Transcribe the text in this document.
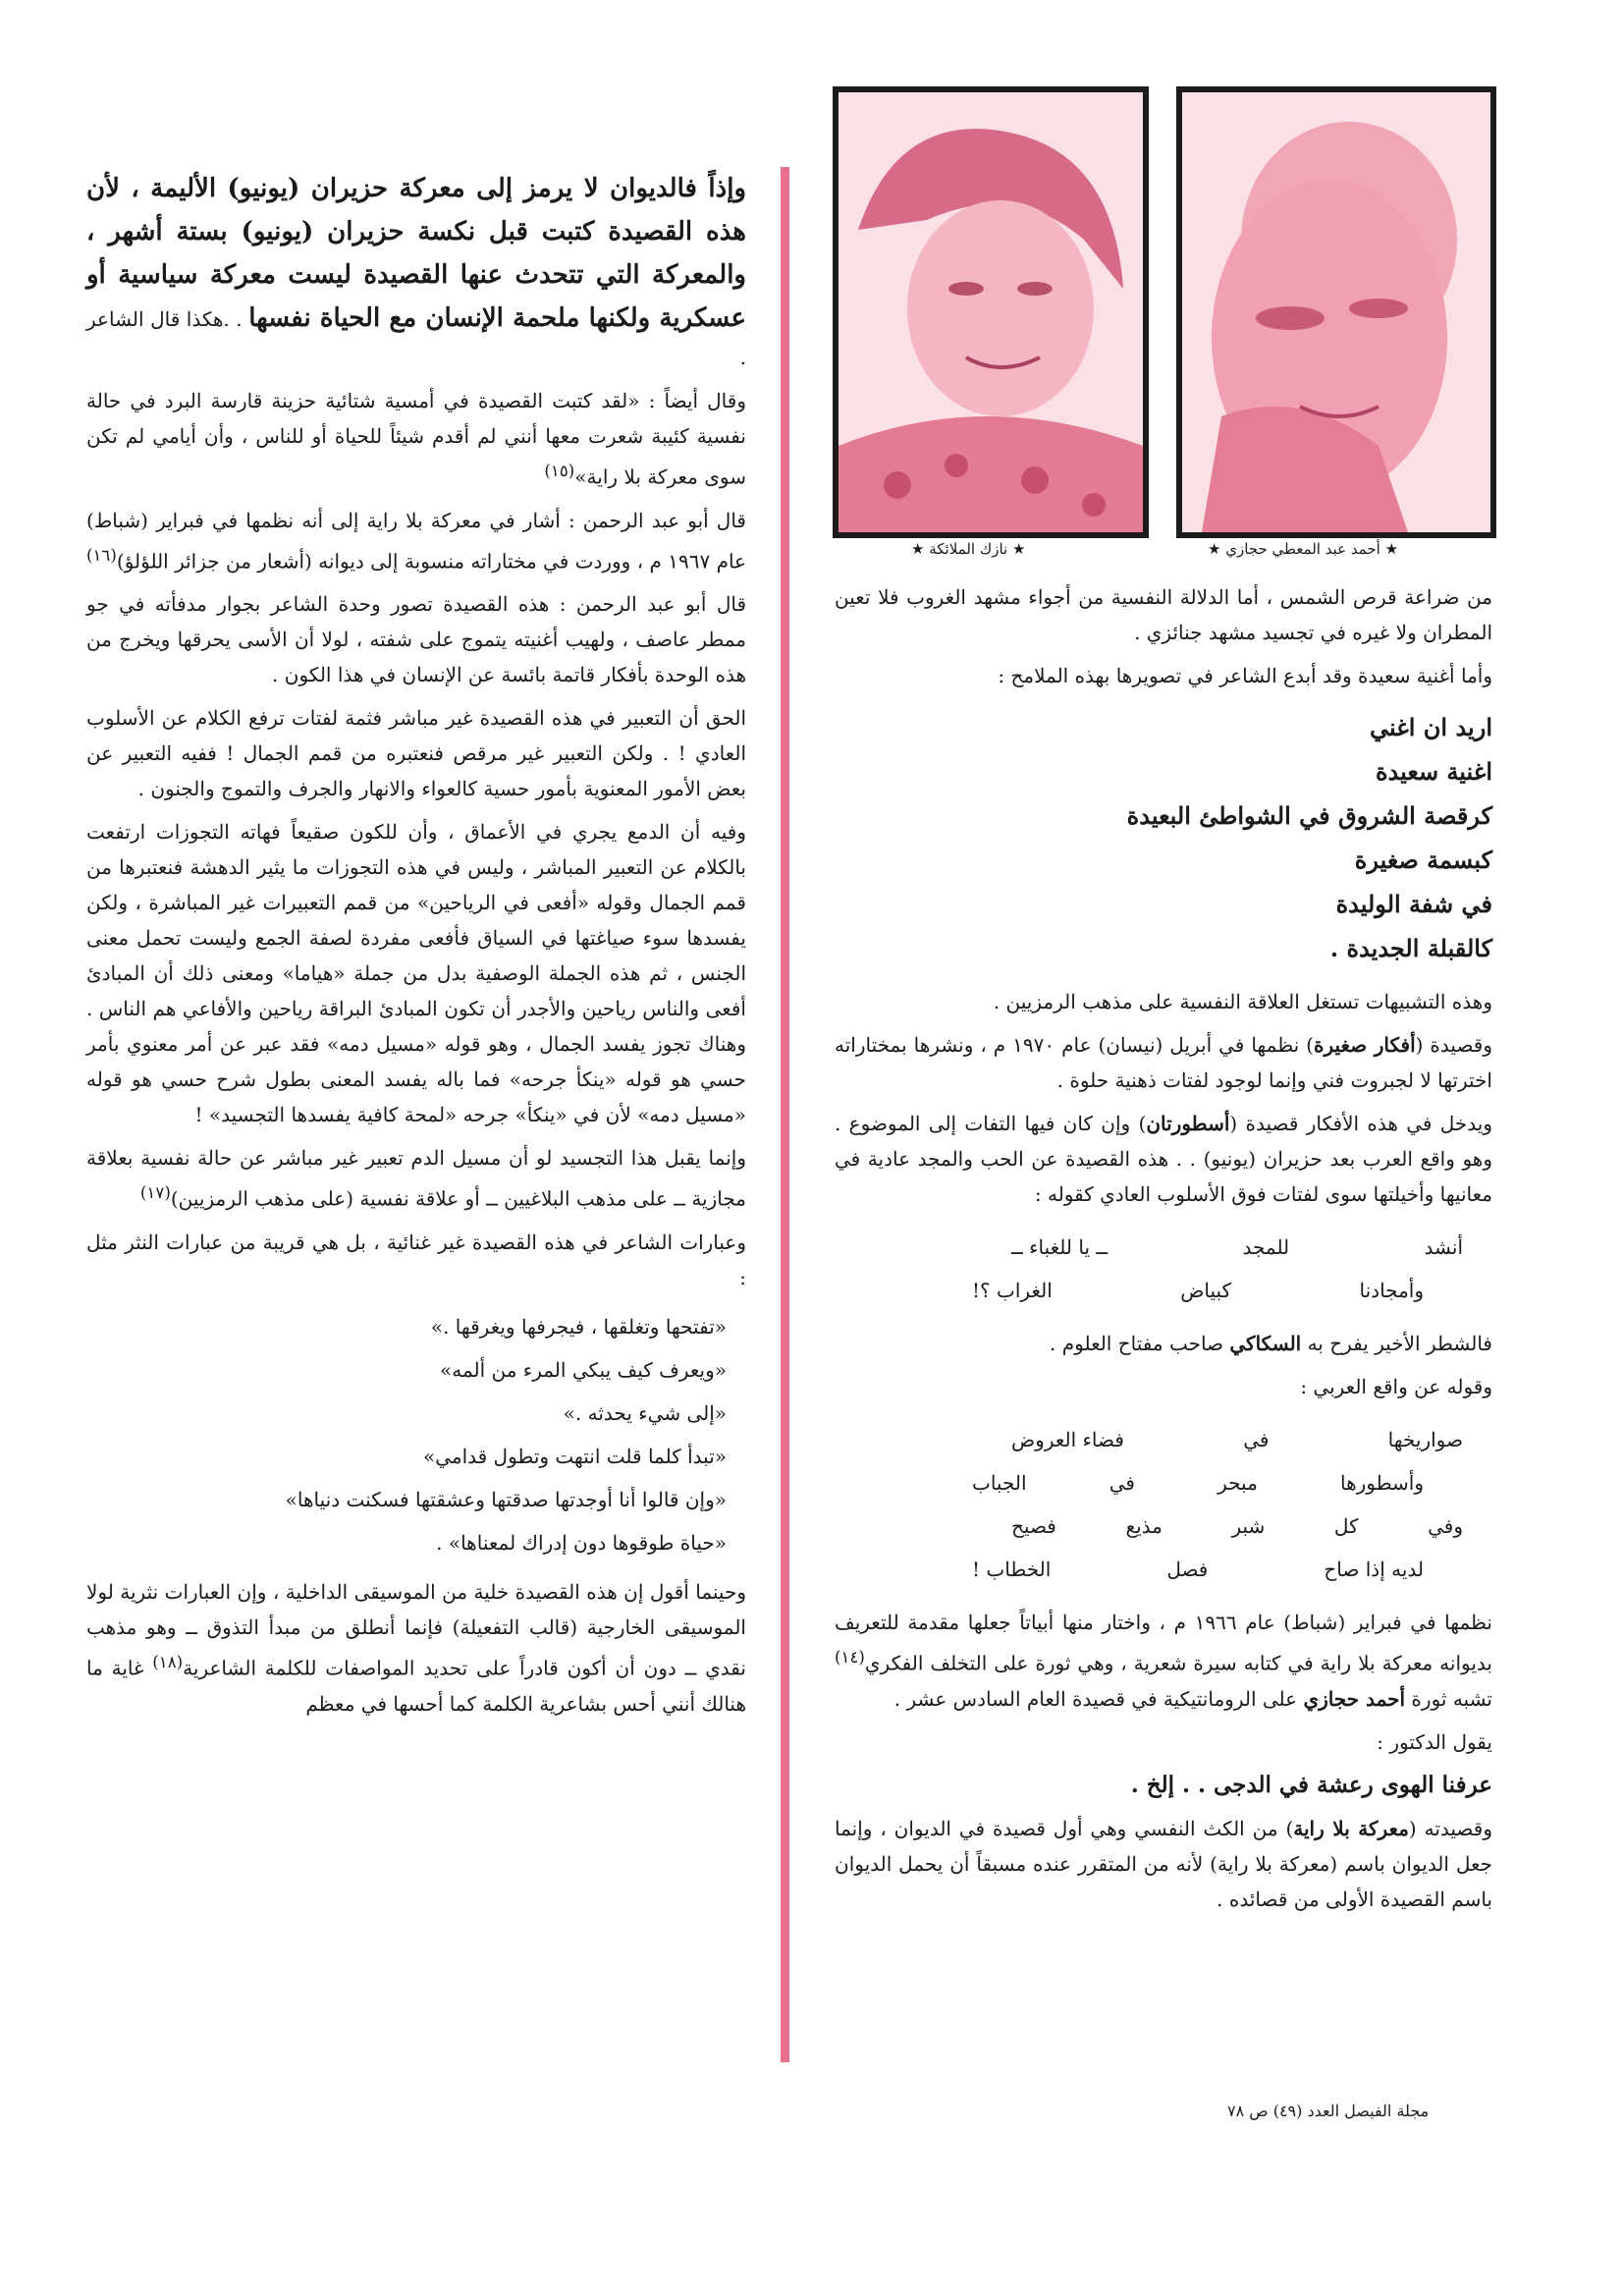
★ أحمد عبد المعطي حجازي ★
★ نازك الملائكة ★

من ضراعة قرص الشمس ، أما الدلالة النفسية من أجواء مشهد الغروب فلا تعين المطران ولا غيره في تجسيد مشهد جنائزي .

وأما أغنية سعيدة وقد أبدع الشاعر في تصويرها بهذه الملامح :

اريد ان اغني
اغنية سعيدة
كرقصة الشروق في الشواطئ البعيدة
كبسمة صغيرة
في شفة الوليدة
كالقبلة الجديدة .

وهذه التشبيهات تستغل العلاقة النفسية على مذهب الرمزيين .

وقصيدة (أفكار صغيرة) نظمها في أبريل (نيسان) عام ١٩٧٠ م ، ونشرها بمختاراته اخترتها لا لجبروت فني وإنما لوجود لفتات ذهنية حلوة .

ويدخل في هذه الأفكار قصيدة (أسطورتان) وإن كان فيها التفات إلى الموضوع . وهو واقع العرب بعد حزيران (يونيو) . . هذه القصيدة عن الحب والمجد عادية في معانيها وأخيلتها سوى لفتات فوق الأسلوب العادي كقوله :

أنشد
للمجد
ــ يا للغباء ــ
وأمجادنا
كبياض
الغراب ؟!

فالشطر الأخير يفرح به السكاكي صاحب مفتاح العلوم .

وقوله عن واقع العربي :

صواريخها
في
فضاء العروض
وأسطورها
مبحر
في
الجباب
وفي
كل
شبر
مذيع
فصيح
لديه إذا صاح
فصل
الخطاب !

نظمها في فبراير (شباط) عام ١٩٦٦ م ، واختار منها أبياتاً جعلها مقدمة للتعريف بديوانه معركة بلا راية في كتابه سيرة شعرية ، وهي ثورة على التخلف الفكري$^{(١٤)}$ تشبه ثورة أحمد حجازي على الرومانتيكية في قصيدة العام السادس عشر .

يقول الدكتور :

عرفنا الهوى رعشة في الدجى . . إلخ .

وقصيدته (معركة بلا راية) من الكث النفسي وهي أول قصيدة في الديوان ، وإنما جعل الديوان باسم (معركة بلا راية) لأنه من المتقرر عنده مسبقاً أن يحمل الديوان باسم القصيدة الأولى من قصائده .

وإذاً فالديوان لا يرمز إلى معركة حزيران (يونيو) الأليمة ، لأن هذه القصيدة كتبت قبل نكسة حزيران (يونيو) بستة أشهر ، والمعركة التي تتحدث عنها القصيدة ليست معركة سياسية أو عسكرية ولكنها ملحمة الإنسان مع الحياة نفسها . .هكذا قال الشاعر .

وقال أيضاً : «لقد كتبت القصيدة في أمسية شتائية حزينة قارسة البرد في حالة نفسية كئيبة شعرت معها أنني لم أقدم شيئاً للحياة أو للناس ، وأن أيامي لم تكن سوى معركة بلا راية»$^{(١٥)}$

قال أبو عبد الرحمن : أشار في معركة بلا راية إلى أنه نظمها في فبراير (شباط) عام ١٩٦٧ م ، ووردت في مختاراته منسوبة إلى ديوانه (أشعار من جزائر اللؤلؤ)$^{(١٦)}$

قال أبو عبد الرحمن : هذه القصيدة تصور وحدة الشاعر بجوار مدفأته في جو ممطر عاصف ، ولهيب أغنيته يتموج على شفته ، لولا أن الأسى يحرقها ويخرج من هذه الوحدة بأفكار قاتمة بائسة عن الإنسان في هذا الكون .

الحق أن التعبير في هذه القصيدة غير مباشر فثمة لفتات ترفع الكلام عن الأسلوب العادي ! . ولكن التعبير غير مرقص فنعتبره من قمم الجمال ! ففيه التعبير عن بعض الأمور المعنوية بأمور حسية كالعواء والانهار والجرف والتموج والجنون .

وفيه أن الدمع يجري في الأعماق ، وأن للكون صقيعاً فهاته التجوزات ارتفعت بالكلام عن التعبير المباشر ، وليس في هذه التجوزات ما يثير الدهشة فنعتبرها من قمم الجمال وقوله «أفعى في الرياحين» من قمم التعبيرات غير المباشرة ، ولكن يفسدها سوء صياغتها في السياق فأفعى مفردة لصفة الجمع وليست تحمل معنى الجنس ، ثم هذه الجملة الوصفية بدل من جملة «هياما» ومعنى ذلك أن المبادئ أفعى والناس رياحين والأجدر أن تكون المبادئ البراقة رياحين والأفاعي هم الناس . وهناك تجوز يفسد الجمال ، وهو قوله «مسيل دمه» فقد عبر عن أمر معنوي بأمر حسي هو قوله «ينكأ جرحه» فما باله يفسد المعنى بطول شرح حسي هو قوله «مسيل دمه» لأن في «ينكأ» جرحه «لمحة كافية يفسدها التجسيد» !

وإنما يقبل هذا التجسيد لو أن مسيل الدم تعبير غير مباشر عن حالة نفسية بعلاقة مجازية ــ على مذهب البلاغيين ــ أو علاقة نفسية (على مذهب الرمزيين)$^{(١٧)}$

وعبارات الشاعر في هذه القصيدة غير غنائية ، بل هي قريبة من عبارات النثر مثل :

«تفتحها وتغلقها ، فيجرفها ويغرقها .»
«ويعرف كيف يبكي المرء من ألمه»
«إلى شيء يحدثه .»
«تبدأ كلما قلت انتهت وتطول قدامي»
«وإن قالوا أنا أوجدتها صدقتها وعشقتها فسكنت دنياها»
«حياة طوقوها دون إدراك لمعناها» .

وحينما أقول إن هذه القصيدة خلية من الموسيقى الداخلية ، وإن العبارات نثرية لولا الموسيقى الخارجية (قالب التفعيلة) فإنما أنطلق من مبدأ التذوق ــ وهو مذهب نقدي ــ دون أن أكون قادراً على تحديد المواصفات للكلمة الشاعرية$^{(١٨)}$ غاية ما هنالك أنني أحس بشاعرية الكلمة كما أحسها في معظم

مجلة الفيصل العدد (٤٩) ص ٧٨
